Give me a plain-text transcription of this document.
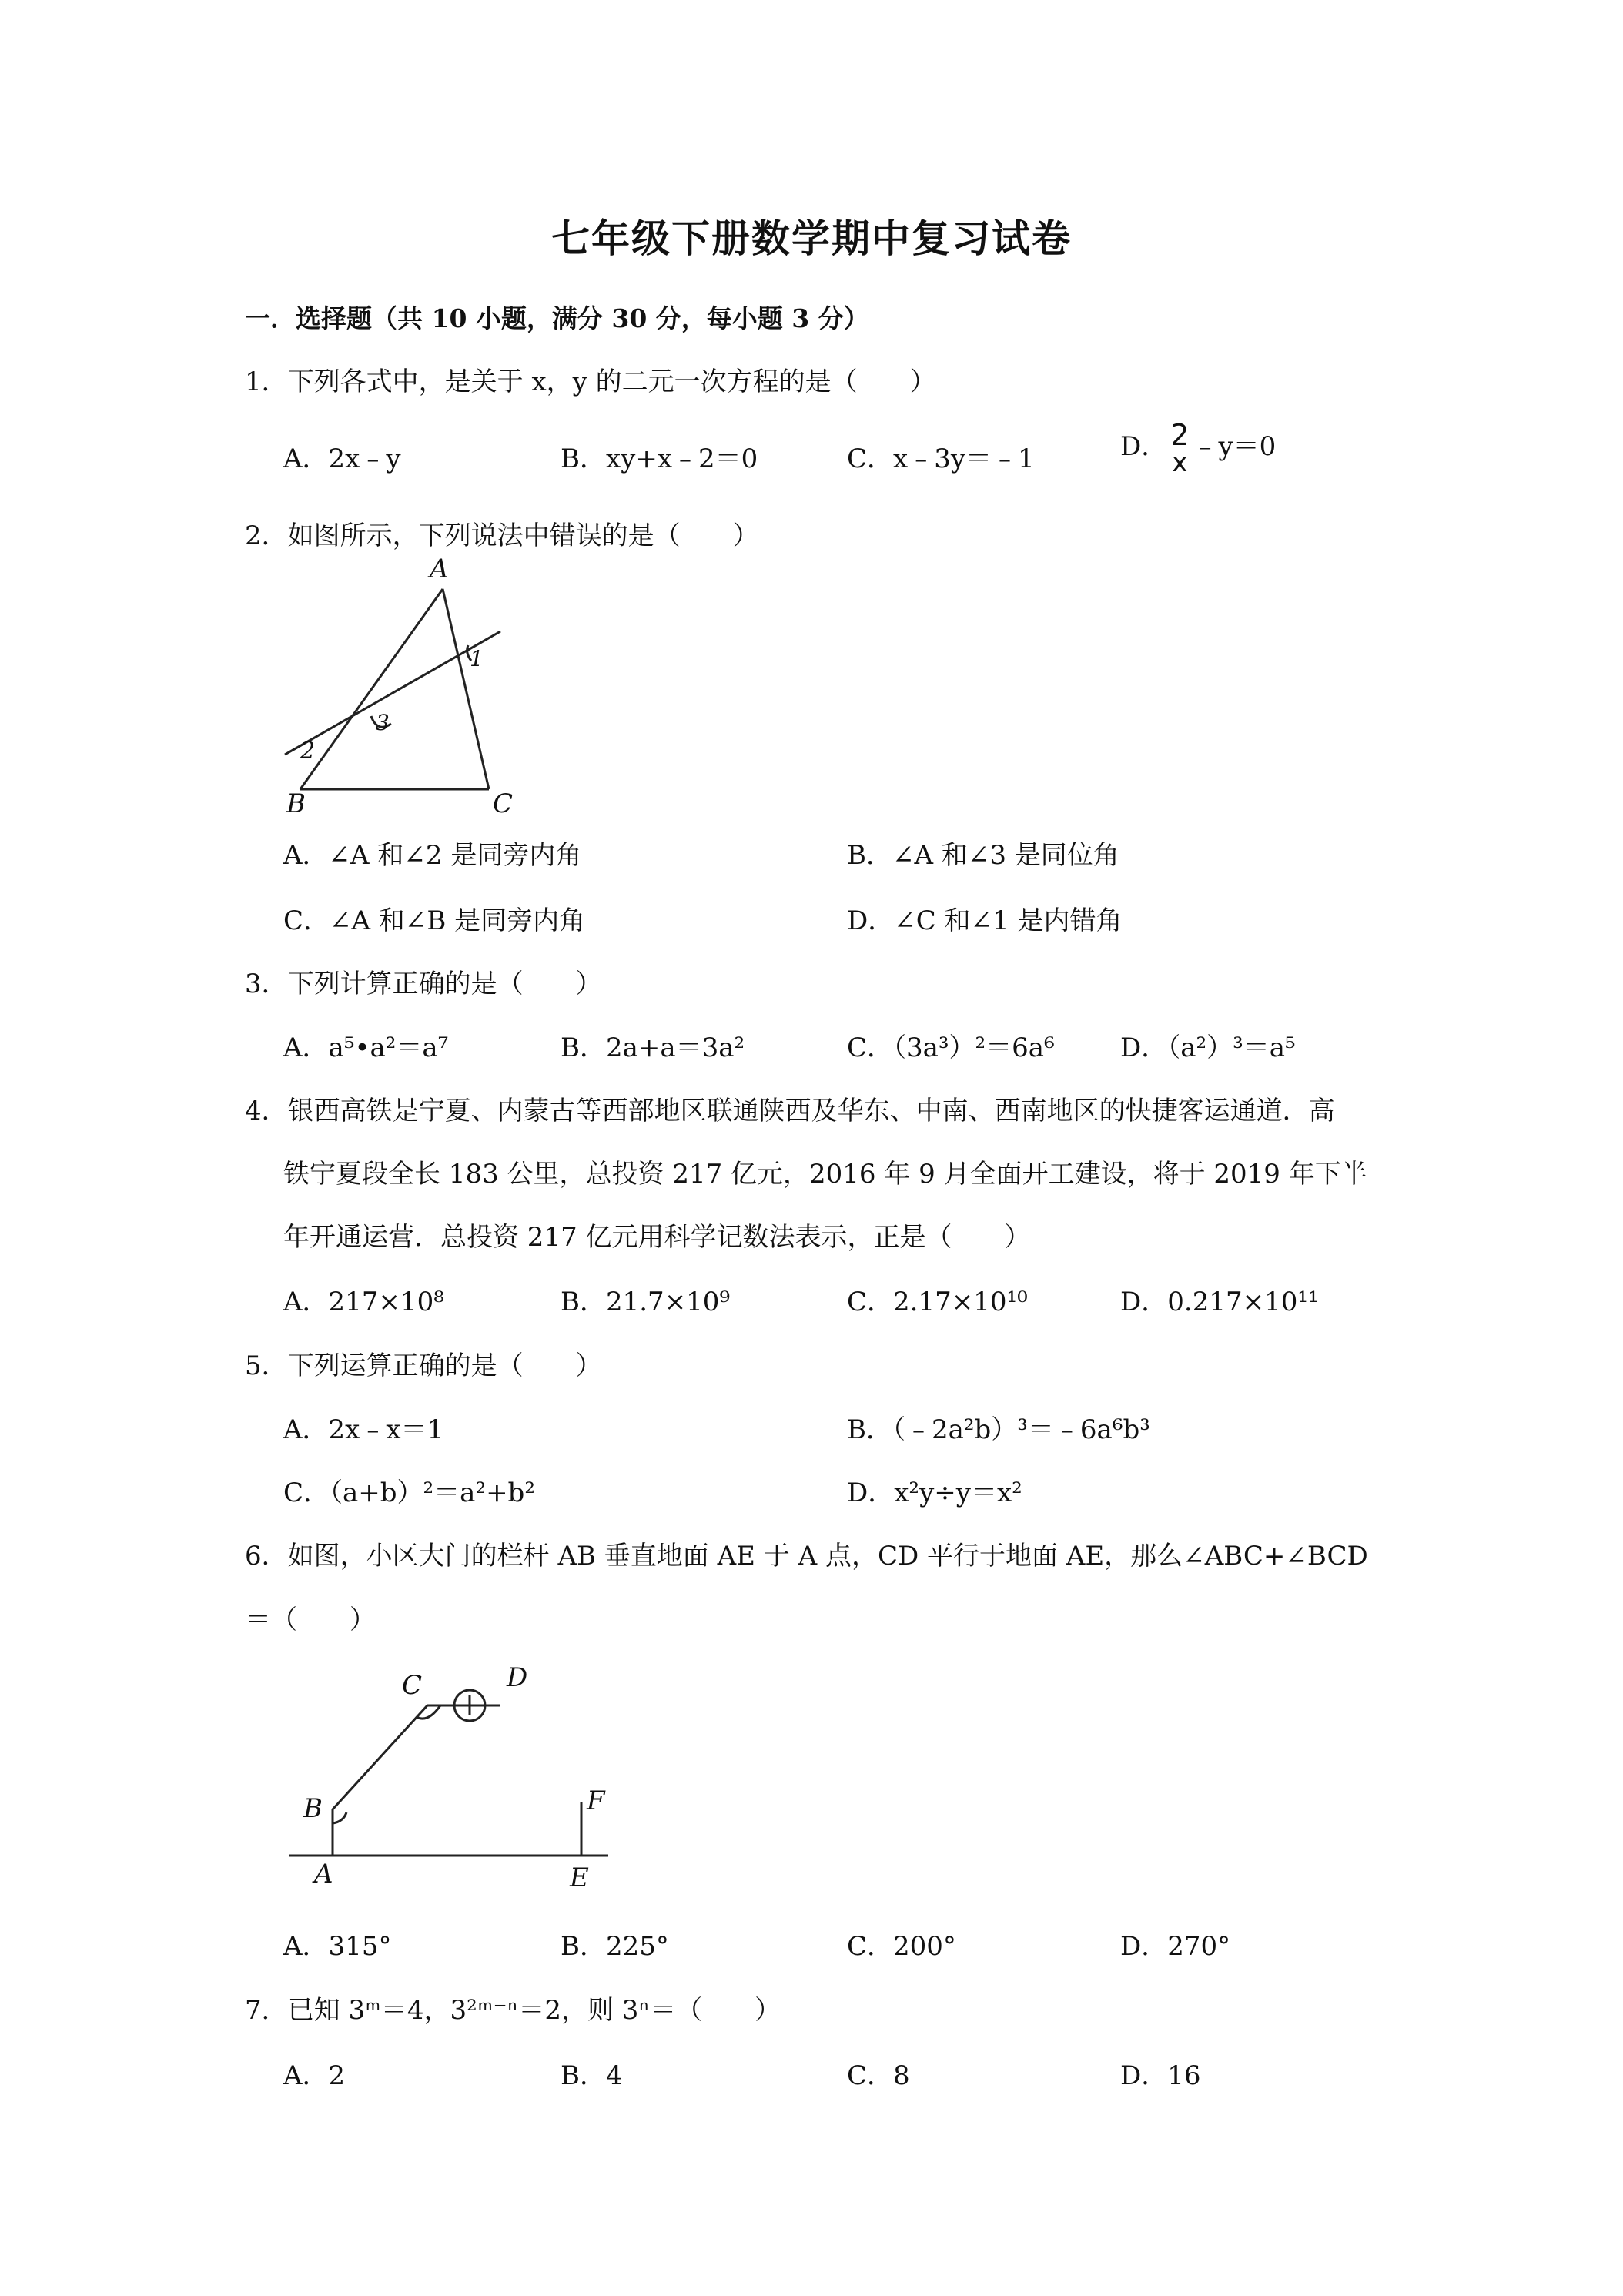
七年级下册数学期中复习试卷
一．选择题（共 10 小题，满分 30 分，每小题 3 分）
1．下列各式中，是关于 x，y 的二元一次方程的是（　　）
A．2x﹣y	B．xy+x﹣2＝0	C．x﹣3y＝﹣1	D． 2
x
﹣y＝0
2．如图所示，下列说法中错误的是（　　）
A
B	C
1
2
3
A．∠A 和∠2 是同旁内角	B．∠A 和∠3 是同位角
C．∠A 和∠B 是同旁内角	D．∠C 和∠1 是内错角
3．下列计算正确的是（　　）
A．a⁵•a²＝a⁷	B．2a+a＝3a²	C．（3a³）²＝6a⁶	D．（a²）³＝a⁵
4．银西高铁是宁夏、内蒙古等西部地区联通陕西及华东、中南、西南地区的快捷客运通道．高
铁宁夏段全长 183 公里，总投资 217 亿元，2016 年 9 月全面开工建设，将于 2019 年下半
年开通运营．总投资 217 亿元用科学记数法表示，正是（　　）
A．217×10⁸	B．21.7×10⁹	C．2.17×10¹⁰	D．0.217×10¹¹
5．下列运算正确的是（　　）
A．2x﹣x＝1	B．（﹣2a²b）³＝﹣6a⁶b³
C．（a+b）²＝a²+b²	D．x²y÷y＝x²
6．如图，小区大门的栏杆 AB 垂直地面 AE 于 A 点，CD 平行于地面 AE，那么∠ABC+∠BCD
＝（　　）
C	D
B	F
A	E
A．315°	B．225°	C．200°	D．270°
7．已知 3ᵐ＝4，3²ᵐ⁻ⁿ＝2，则 3ⁿ＝（　　）
A．2	B．4	C．8	D．16
